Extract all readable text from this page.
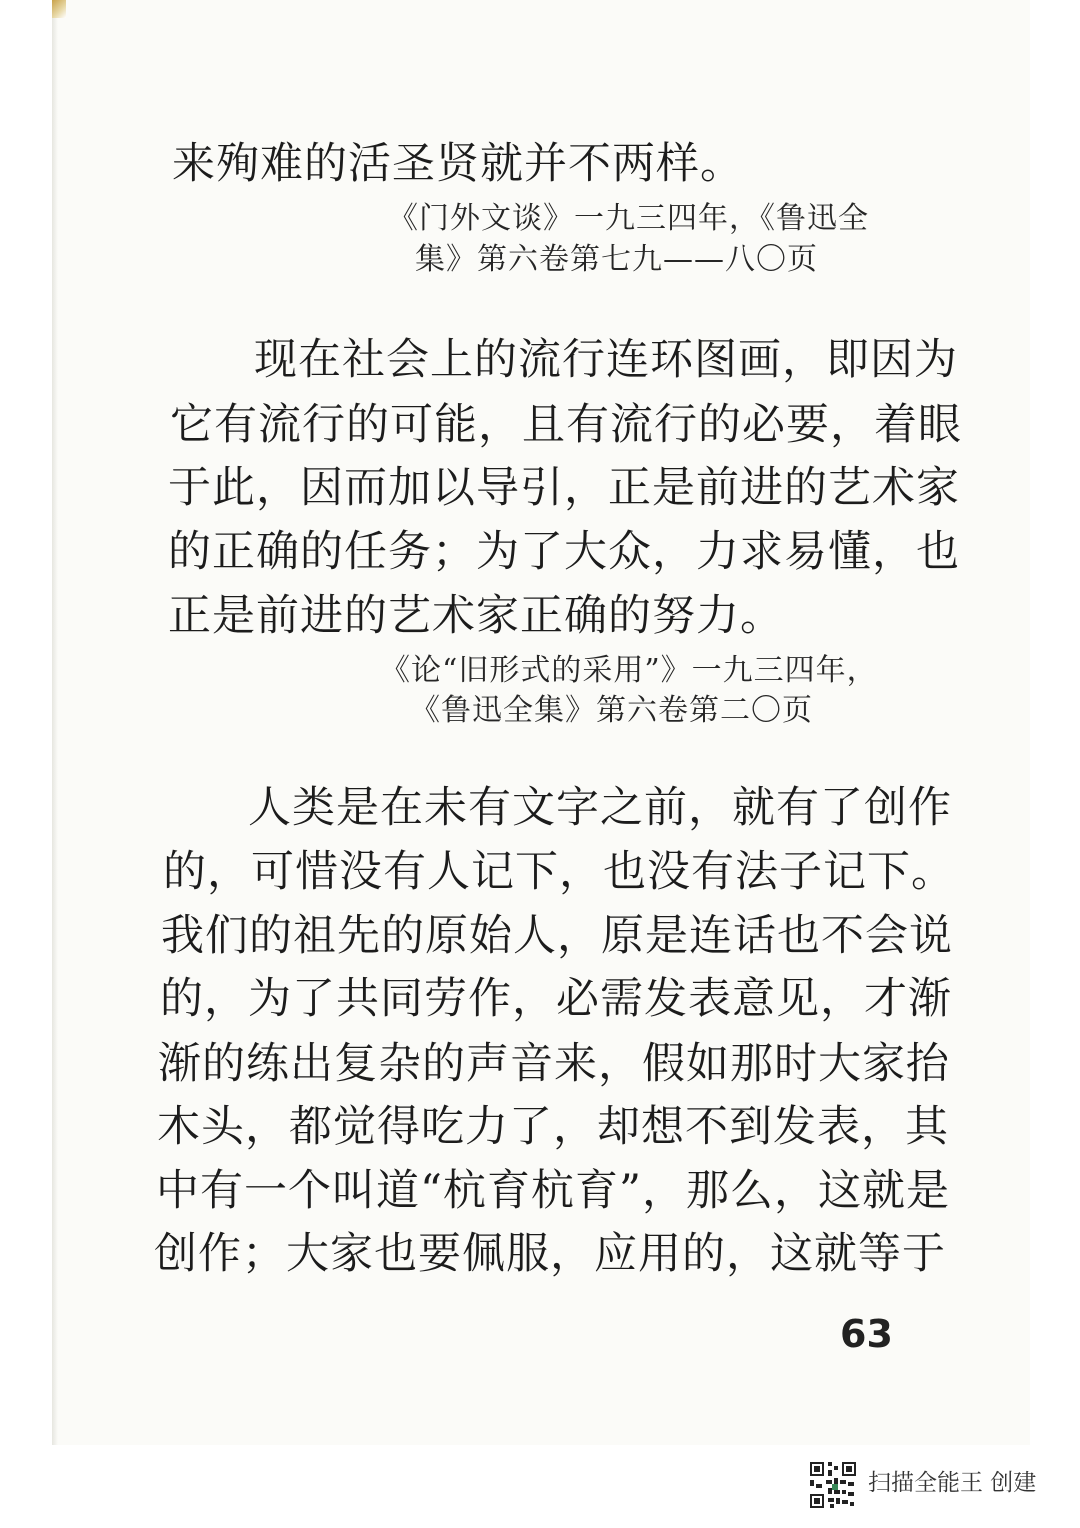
来殉难的活圣贤就并不两样。

《门外文谈》一九三四年，《鲁迅全

集》第六卷第七九——八〇页

现在社会上的流行连环图画，即因为

它有流行的可能，且有流行的必要，着眼

于此，因而加以导引，正是前进的艺术家

的正确的任务；为了大众，力求易懂，也

正是前进的艺术家正确的努力。

《论“旧形式的采用”》一九三四年，

《鲁迅全集》第六卷第二〇页

人类是在未有文字之前，就有了创作

的，可惜没有人记下，也没有法子记下。

我们的祖先的原始人，原是连话也不会说

的，为了共同劳作，必需发表意见，才渐

渐的练出复杂的声音来，假如那时大家抬

木头，都觉得吃力了，却想不到发表，其

中有一个叫道“杭育杭育”，那么，这就是

创作；大家也要佩服，应用的，这就等于

63

扫描全能王 创建
